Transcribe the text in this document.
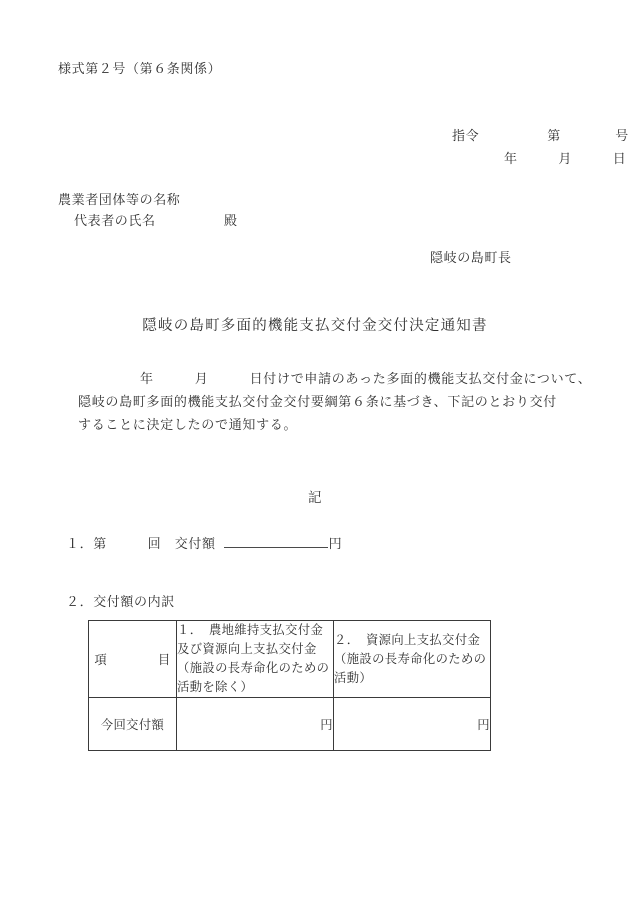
様式第２号（第６条関係）
指令　　　　　第　　　　号
年　　　月　　　日
農業者団体等の名称
代表者の氏名	殿
隠岐の島町長
隠岐の島町多面的機能支払交付金交付決定通知書
年　　　月　　　日付けで申請のあった多面的機能支払交付金について、
隠岐の島町多面的機能支払交付金交付要綱第６条に基づき、下記のとおり交付
することに決定したので通知する。
記
１．第　　　回　交付額	円
２．交付額の内訳
項　　　　目	１．　農地維持支払交付金及び資源向上支払交付金（施設の長寿命化のための活動を除く）	２．　資源向上支払交付金（施設の長寿命化のための活動）
今回交付額	円	円
